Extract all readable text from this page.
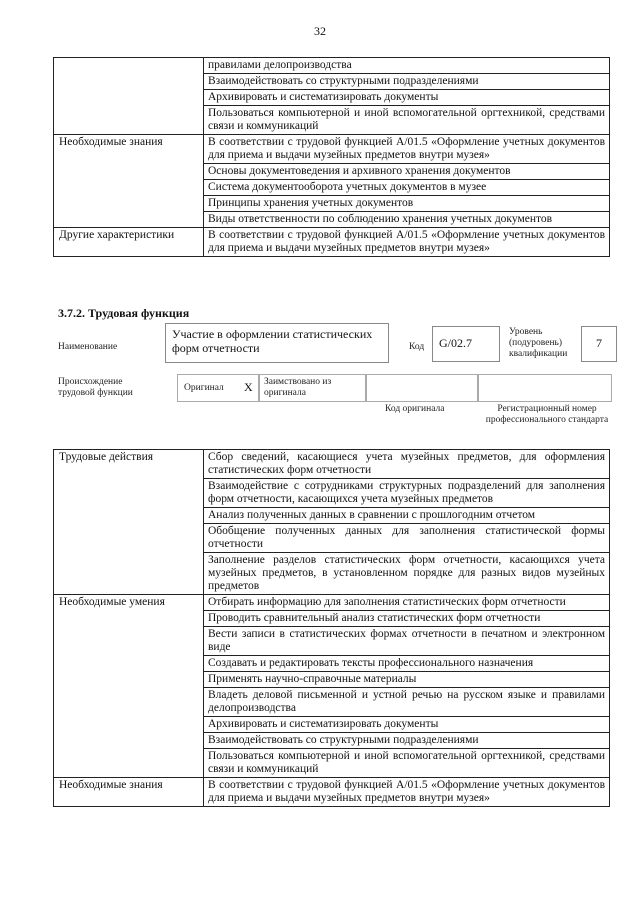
32
	правилами делопроизводства
	Взаимодействовать со структурными подразделениями
	Архивировать и систематизировать документы
	Пользоваться компьютерной и иной вспомогательной оргтехникой, средствами связи и коммуникаций
Необходимые знания	В соответствии с трудовой функцией А/01.5 «Оформление учетных документов для приема и выдачи музейных предметов внутри музея»
	Основы документоведения и архивного хранения документов
	Система документооборота учетных документов в музее
	Принципы хранения учетных документов
	Виды ответственности по соблюдению хранения учетных документов
Другие характеристики	В соответствии с трудовой функцией А/01.5 «Оформление учетных документов для приема и выдачи музейных предметов внутри музея»
3.7.2. Трудовая функция
Наименование
Участие в оформлении статистических форм отчетности	Код	G/02.7
Уровень (подуровень) квалификации
7
Происхождение трудовой функции	Оригинал X Заимствовано из оригинала
Код оригинала	Регистрационный номер профессионального стандарта
Трудовые действия	Сбор сведений, касающиеся учета музейных предметов, для оформления статистических форм отчетности
	Взаимодействие с сотрудниками структурных подразделений для заполнения форм отчетности, касающихся учета музейных предметов
	Анализ полученных данных в сравнении с прошлогодним отчетом
	Обобщение полученных данных для заполнения статистической формы отчетности
	Заполнение разделов статистических форм отчетности, касающихся учета музейных предметов, в установленном порядке для разных видов музейных предметов
Необходимые умения	Отбирать информацию для заполнения статистических форм отчетности
	Проводить сравнительный анализ статистических форм отчетности
	Вести записи в статистических формах отчетности в печатном и электронном виде
	Создавать и редактировать тексты профессионального назначения
	Применять научно-справочные материалы
	Владеть деловой письменной и устной речью на русском языке и правилами делопроизводства
	Архивировать и систематизировать документы
	Взаимодействовать со структурными подразделениями
	Пользоваться компьютерной и иной вспомогательной оргтехникой, средствами связи и коммуникаций
Необходимые знания	В соответствии с трудовой функцией А/01.5 «Оформление учетных документов для приема и выдачи музейных предметов внутри музея»
